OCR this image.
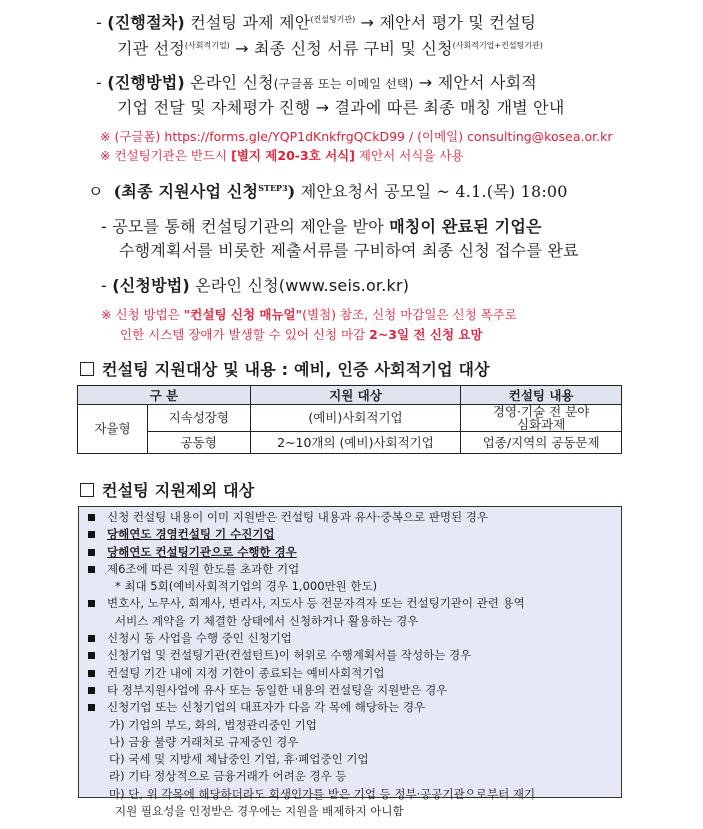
- (진행절차) 컨설팅 과제 제안$^{(컨설팅기관)}$ → 제안서 평가 및 컨설팅
기관 선정$^{(사회적기업)}$ → 최종 신청 서류 구비 및 신청$^{(사회적기업+컨설팅기관)}$
- (진행방법) 온라인 신청(구글폼 또는 이메일 선택) → 제안서 사회적
기업 전달 및 자체평가 진행 → 결과에 따른 최종 매칭 개별 안내
※ (구글폼) https://forms.gle/YQP1dKnkfrgQCkD99 / (이메일) consulting@kosea.or.kr
※ 컨설팅기관은 반드시 [별지 제20-3호 서식] 제안서 서식을 사용
ㅇ (최종 지원사업 신청$^{STEP3}$) 제안요청서 공모일 ~ 4.1.(목) 18:00
- 공모를 통해 컨설팅기관의 제안을 받아 매칭이 완료된 기업은
수행계획서를 비롯한 제출서류를 구비하여 최종 신청 접수를 완료
- (신청방법) 온라인 신청(www.seis.or.kr)
※ 신청 방법은 "컨설팅 신청 매뉴얼"(별첨) 참조, 신청 마감일은 신청 폭주로
인한 시스템 장애가 발생할 수 있어 신청 마감 2~3일 전 신청 요망
컨설팅 지원대상 및 내용 : 예비, 인증 사회적기업 대상
구 분		지원 대상	컨설팅 내용
자율형	지속성장형	(예비)사회적기업	경영·기술 전 분야
심화과제

	공동형	2~10개의 (예비)사회적기업	업종/지역의 공동문제
컨설팅 지원제외 대상
신청 컨설팅 내용이 이미 지원받은 컨설팅 내용과 유사·중복으로 판명된 경우
당해연도 경영컨설팅 기 수진기업
당해연도 컨설팅기관으로 수행한 경우
제6조에 따른 지원 한도를 초과한 기업
* 최대 5회(예비사회적기업의 경우 1,000만원 한도)
변호사, 노무사, 회계사, 변리사, 지도사 등 전문자격자 또는 컨설팅기관이 관련 용역
서비스 계약을 기 체결한 상태에서 신청하거나 활용하는 경우
신청시 동 사업을 수행 중인 신청기업
신청기업 및 컨설팅기관(컨설턴트)이 허위로 수행계획서를 작성하는 경우
컨설팅 기간 내에 지정 기한이 종료되는 예비사회적기업
타 정부지원사업에 유사 또는 동일한 내용의 컨설팅을 지원받은 경우
신청기업 또는 신청기업의 대표자가 다음 각 목에 해당하는 경우
가) 기업의 부도, 화의, 법정관리중인 기업
나) 금융 불량 거래처로 규제중인 경우
다) 국세 및 지방세 체납중인 기업, 휴·폐업중인 기업
라) 기타 정상적으로 금융거래가 어려운 경우 등
마) 단, 위 각목에 해당하더라도 회생인가를 받은 기업 등 정부·공공기관으로부터 재기
지원 필요성을 인정받은 경우에는 지원을 배제하지 아니함
